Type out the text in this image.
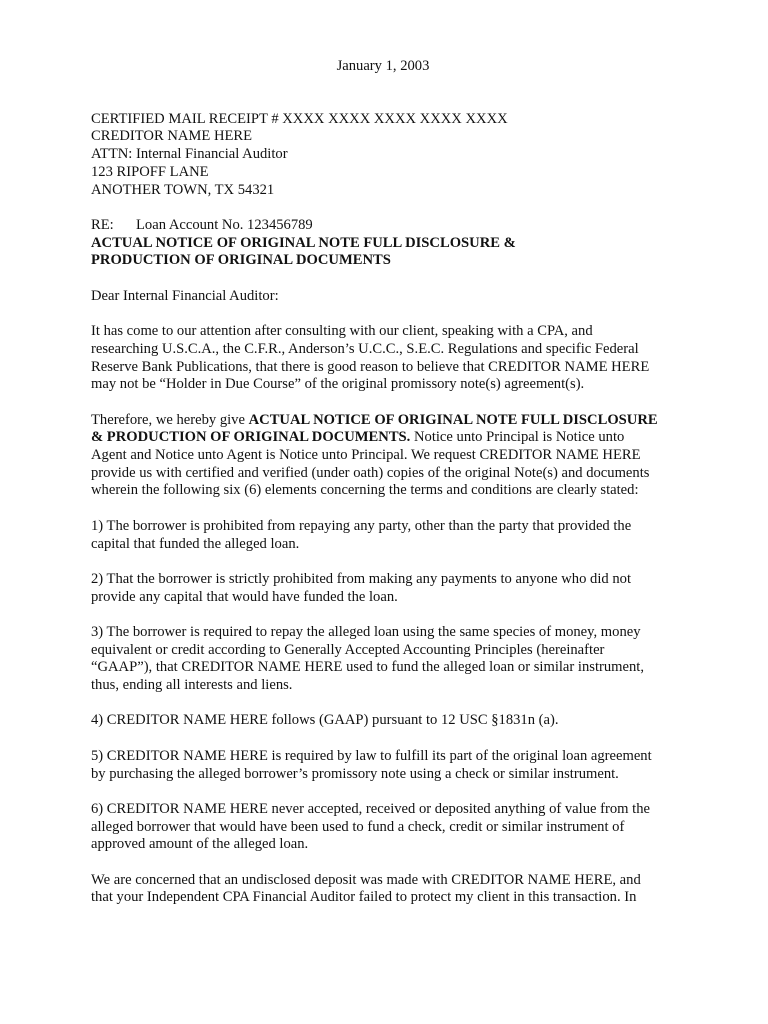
January 1, 2003

CERTIFIED MAIL RECEIPT # XXXX XXXX XXXX XXXX XXXX

CREDITOR NAME HERE

ATTN: Internal Financial Auditor

123 RIPOFF LANE

ANOTHER TOWN, TX 54321

RE: Loan Account No. 123456789

ACTUAL NOTICE OF ORIGINAL NOTE FULL DISCLOSURE &

PRODUCTION OF ORIGINAL DOCUMENTS

Dear Internal Financial Auditor:

It has come to our attention after consulting with our client, speaking with a CPA, and

researching U.S.C.A., the C.F.R., Anderson’s U.C.C., S.E.C. Regulations and specific Federal

Reserve Bank Publications, that there is good reason to believe that CREDITOR NAME HERE

may not be “Holder in Due Course” of the original promissory note(s) agreement(s).

Therefore, we hereby give ACTUAL NOTICE OF ORIGINAL NOTE FULL DISCLOSURE

& PRODUCTION OF ORIGINAL DOCUMENTS. Notice unto Principal is Notice unto

Agent and Notice unto Agent is Notice unto Principal. We request CREDITOR NAME HERE

provide us with certified and verified (under oath) copies of the original Note(s) and documents

wherein the following six (6) elements concerning the terms and conditions are clearly stated:

1) The borrower is prohibited from repaying any party, other than the party that provided the

capital that funded the alleged loan.

2) That the borrower is strictly prohibited from making any payments to anyone who did not

provide any capital that would have funded the loan.

3) The borrower is required to repay the alleged loan using the same species of money, money

equivalent or credit according to Generally Accepted Accounting Principles (hereinafter

“GAAP”), that CREDITOR NAME HERE used to fund the alleged loan or similar instrument,

thus, ending all interests and liens.

4) CREDITOR NAME HERE follows (GAAP) pursuant to 12 USC §1831n (a).

5) CREDITOR NAME HERE is required by law to fulfill its part of the original loan agreement

by purchasing the alleged borrower’s promissory note using a check or similar instrument.

6) CREDITOR NAME HERE never accepted, received or deposited anything of value from the

alleged borrower that would have been used to fund a check, credit or similar instrument of

approved amount of the alleged loan.

We are concerned that an undisclosed deposit was made with CREDITOR NAME HERE, and

that your Independent CPA Financial Auditor failed to protect my client in this transaction. In
